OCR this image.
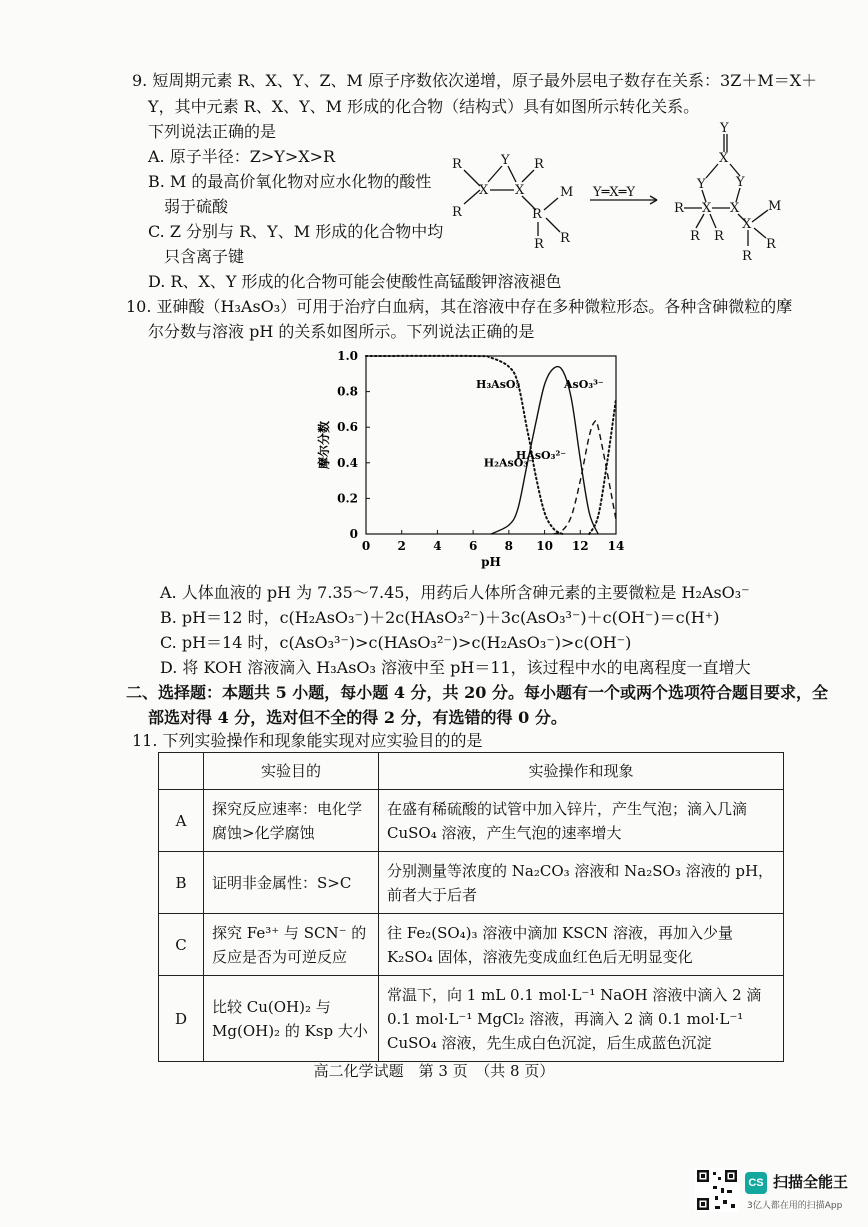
9. 短周期元素 R、X、Y、Z、M 原子序数依次递增，原子最外层电子数存在关系：3Z＋M＝X＋
Y，其中元素 R、X、Y、M 形成的化合物（结构式）具有如图所示转化关系。
下列说法正确的是
A. 原子半径：Z>Y>X>R
B. M 的最高价氧化物对应水化物的酸性
弱于硫酸
C. Z 分别与 R、Y、M 形成的化合物中均
只含离子键
D. R、X、Y 形成的化合物可能会使酸性高锰酸钾溶液褪色
R
R
X
Y
X
R
M
R
R R
Y═X═Y
Y
X
Y Y
R X X
R R
X
M
R
R
10. 亚砷酸（H₃AsO₃）可用于治疗白血病，其在溶液中存在多种微粒形态。各种含砷微粒的摩
尔分数与溶液 pH 的关系如图所示。下列说法正确的是
0 2 4 6 8 10 12 14
0
0.2
0.4
0.6
0.8
1.0
pH
摩尔分数
H₃AsO₃
H₂AsO₃⁻
HAsO₃²⁻
AsO₃³⁻
A. 人体血液的 pH 为 7.35～7.45，用药后人体所含砷元素的主要微粒是 H₂AsO₃⁻
B. pH＝12 时，c(H₂AsO₃⁻)＋2c(HAsO₃²⁻)＋3c(AsO₃³⁻)＋c(OH⁻)＝c(H⁺)
C. pH＝14 时，c(AsO₃³⁻)>c(HAsO₃²⁻)>c(H₂AsO₃⁻)>c(OH⁻)
D. 将 KOH 溶液滴入 H₃AsO₃ 溶液中至 pH＝11，该过程中水的电离程度一直增大
二、选择题：本题共 5 小题，每小题 4 分，共 20 分。每小题有一个或两个选项符合题目要求，全
部选对得 4 分，选对但不全的得 2 分，有选错的得 0 分。
11. 下列实验操作和现象能实现对应实验目的的是
	实验目的	实验操作和现象
A	探究反应速率：电化学腐蚀>化学腐蚀	在盛有稀硫酸的试管中加入锌片，产生气泡；滴入几滴 CuSO₄ 溶液，产生气泡的速率增大
B	证明非金属性：S>C	分别测量等浓度的 Na₂CO₃ 溶液和 Na₂SO₃ 溶液的 pH，前者大于后者
C	探究 Fe³⁺ 与 SCN⁻ 的反应是否为可逆反应	往 Fe₂(SO₄)₃ 溶液中滴加 KSCN 溶液，再加入少量 K₂SO₄ 固体，溶液先变成血红色后无明显变化
D	比较 Cu(OH)₂ 与 Mg(OH)₂ 的 Ksp 大小	常温下，向 1 mL 0.1 mol·L⁻¹ NaOH 溶液中滴入 2 滴 0.1 mol·L⁻¹ MgCl₂ 溶液，再滴入 2 滴 0.1 mol·L⁻¹ CuSO₄ 溶液，先生成白色沉淀，后生成蓝色沉淀
高二化学试题　第 3 页　（共 8 页）
CS 扫描全能王
3亿人都在用的扫描App
